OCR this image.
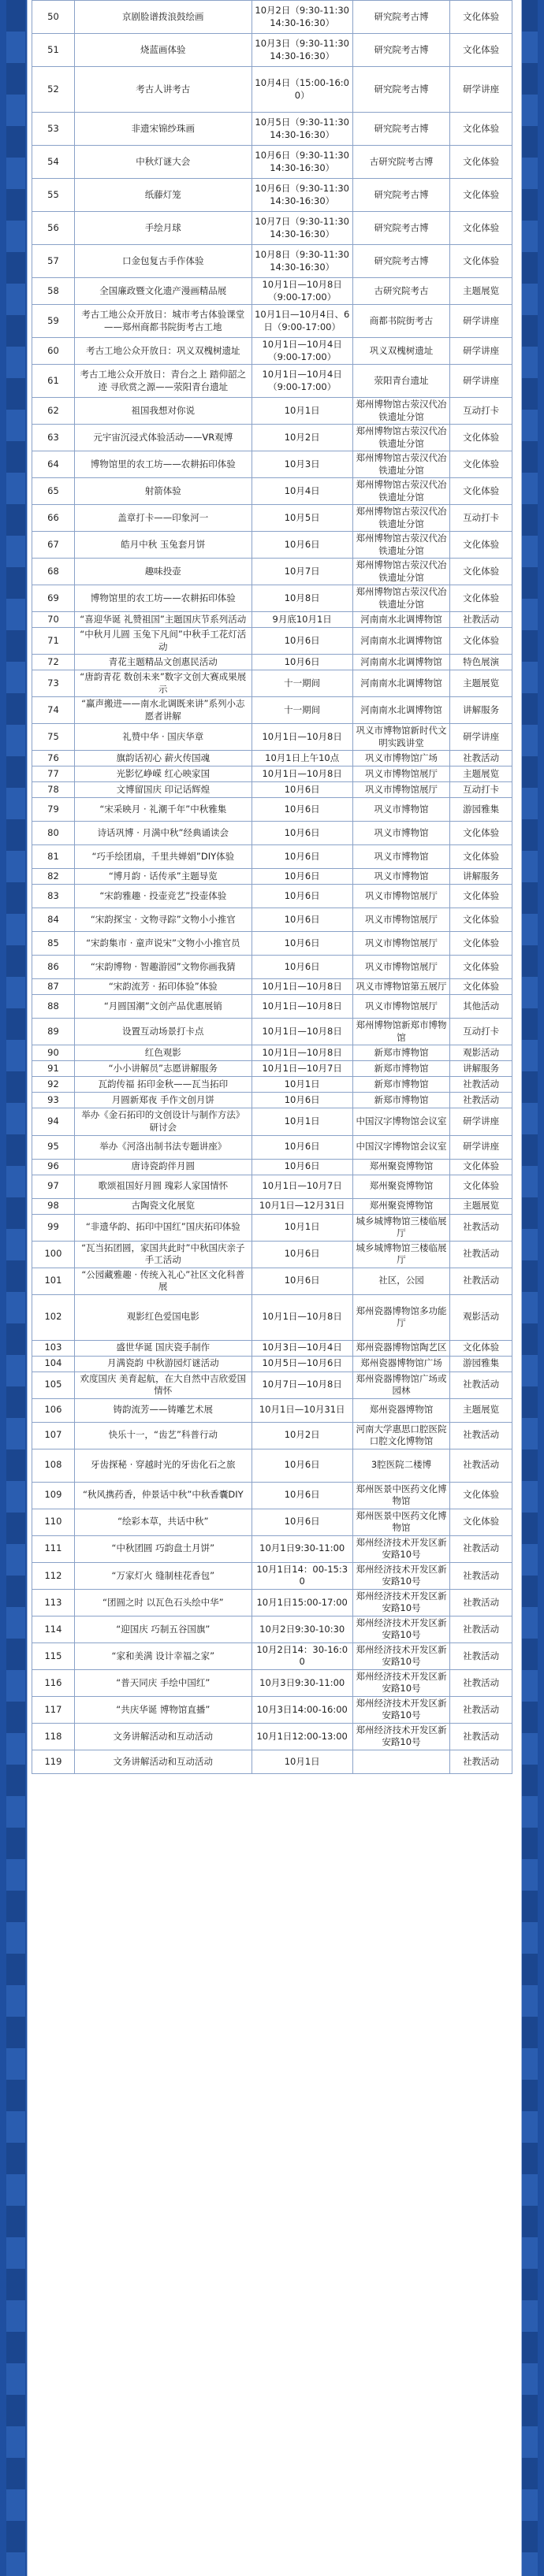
50	京剧脸谱拨浪鼓绘画	10月2日（9:30-11:30 14:30-16:30）	研究院考古博	文化体验
51	烧蓝画体验	10月3日（9:30-11:30 14:30-16:30）	研究院考古博	文化体验
52	考古人讲考古	10月4日（15:00-16:00）	研究院考古博	研学讲座
53	非遗宋锦纱珠画	10月5日（9:30-11:30 14:30-16:30）	研究院考古博	文化体验
54	中秋灯谜大会	10月6日（9:30-11:30 14:30-16:30）	古研究院考古博	文化体验
55	纸藤灯笼	10月6日（9:30-11:30 14:30-16:30）	研究院考古博	文化体验
56	手绘月球	10月7日（9:30-11:30 14:30-16:30）	研究院考古博	文化体验
57	口金包复古手作体验	10月8日（9:30-11:30 14:30-16:30）	研究院考古博	文化体验
58	全国廉政暨文化遗产漫画精品展	10月1日—10月8日（9:00-17:00）	古研究院考古	主题展览
59	考古工地公众开放日：城市考古体验课堂——郑州商都书院街考古工地	10月1日—10月4日、6日（9:00-17:00）	商都书院街考古	研学讲座
60	考古工地公众开放日：巩义双槐树遗址	10月1日—10月4日（9:00-17:00）	巩义双槐树遗址	研学讲座
61	考古工地公众开放日：青台之上 踏仰韶之迹 寻欣赏之源——荥阳青台遗址	10月1日—10月4日（9:00-17:00）	荥阳青台遗址	研学讲座
62	祖国我想对你说	10月1日	郑州博物馆古荥汉代冶铁遗址分馆	互动打卡
63	元宇宙沉浸式体验活动——VR观博	10月2日	郑州博物馆古荥汉代冶铁遗址分馆	文化体验
64	博物馆里的农工坊——农耕拓印体验	10月3日	郑州博物馆古荥汉代冶铁遗址分馆	文化体验
65	射箭体验	10月4日	郑州博物馆古荥汉代冶铁遗址分馆	文化体验
66	盖章打卡——印象河一	10月5日	郑州博物馆古荥汉代冶铁遗址分馆	互动打卡
67	皓月中秋 玉兔套月饼	10月6日	郑州博物馆古荥汉代冶铁遗址分馆	文化体验
68	趣味投壶	10月7日	郑州博物馆古荥汉代冶铁遗址分馆	文化体验
69	博物馆里的农工坊——农耕拓印体验	10月8日	郑州博物馆古荥汉代冶铁遗址分馆	文化体验
70	“喜迎华诞 礼赞祖国”主题国庆节系列活动	9月底10月1日	河南南水北调博物馆	社教活动
71	“中秋月儿圆 玉兔下凡间”中秋手工花灯活动	10月6日	河南南水北调博物馆	文化体验
72	青花主题精品文创惠民活动	10月6日	河南南水北调博物馆	特色展演
73	“唐韵青花 数创未来”数字文创大赛成果展示	十一期间	河南南水北调博物馆	主题展览
74	“赢声搬进——南水北调既来讲”系列小志愿者讲解	十一期间	河南南水北调博物馆	讲解服务
75	礼赞中华 · 国庆华章	10月1日—10月8日	巩义市博物馆新时代文明实践讲堂	研学讲座
76	旗韵话初心 薪火传国魂	10月1日上午10点	巩义市博物馆广场	社教活动
77	光影忆峥嵘 红心映家国	10月1日—10月8日	巩义市博物馆展厅	主题展览
78	文博留国庆 印记话辉煌	10月6日	巩义市博物馆展厅	互动打卡
79	“宋采映月 · 礼潮千年”中秋雅集	10月6日	巩义市博物馆	游园雅集
80	诗话巩博 · 月满中秋”经典诵读会	10月6日	巩义市博物馆	文化体验
81	“巧手绘团扇，千里共婵娟”DIY体验	10月6日	巩义市博物馆	文化体验
82	“博月韵 · 话传承”主题导览	10月6日	巩义市博物馆	讲解服务
83	“宋韵雅趣 · 投壶竞艺”投壶体验	10月6日	巩义市博物馆展厅	文化体验
84	“宋韵探宝 · 文物寻踪”文物小小推官	10月6日	巩义市博物馆展厅	文化体验
85	“宋韵集市 · 童声说宋”文物小小推官员	10月6日	巩义市博物馆展厅	文化体验
86	“宋韵博物 · 智趣游园”文物你画我猜	10月6日	巩义市博物馆展厅	文化体验
87	“宋韵流芳 · 拓印体验”体验	10月1日—10月8日	巩义市博物馆第五展厅	文化体验
88	“月圆国潮”文创产品优惠展销	10月1日—10月8日	巩义市博物馆展厅	其他活动
89	设置互动场景打卡点	10月1日—10月8日	郑州博物馆新郑市博物馆	互动打卡
90	红色观影	10月1日—10月8日	新郑市博物馆	观影活动
91	“小小讲解员”志愿讲解服务	10月1日—10月7日	新郑市博物馆	讲解服务
92	瓦韵传福 拓印金秋——瓦当拓印	10月1日	新郑市博物馆	社教活动
93	月圆新郑夜 手作文创月饼	10月6日	新郑市博物馆	社教活动
94	举办《金石拓印的文创设计与制作方法》研讨会	10月1日	中国汉字博物馆会议室	研学讲座
95	举办《河洛出制书法专题讲座》	10月6日	中国汉字博物馆会议室	研学讲座
96	唐诗瓷韵伴月圆	10月6日	郑州聚瓷博物馆	文化体验
97	歌颂祖国好月圆 瑰彩人家国情怀	10月1日—10月7日	郑州聚瓷博物馆	文化体验
98	古陶瓷文化展览	10月1日—12月31日	郑州聚瓷博物馆	主题展览
99	“非遗华韵、拓印中国红”国庆拓印体验	10月1日	城乡城博物馆三楼临展厅	社教活动
100	“瓦当拓团圆，家国共此时”中秋国庆亲子手工活动	10月6日	城乡城博物馆三楼临展厅	社教活动
101	“公园藏雅趣 · 传统入礼心”社区文化科普展	10月6日	社区，公园	社教活动
102	观影红色爱国电影	10月1日—10月8日	郑州瓷器博物馆多功能厅	观影活动
103	盛世华诞 国庆瓷手制作	10月3日—10月4日	郑州瓷器博物馆陶艺区	文化体验
104	月满瓷韵 中秋游园灯谜活动	10月5日—10月6日	郑州瓷器博物馆广场	游园雅集
105	欢度国庆 美育起航，在大自然中吉欣爱国情怀	10月7日—10月8日	郑州瓷器博物馆广场或园林	社教活动
106	铸韵流芳——铸雕艺术展	10月1日—10月31日	郑州瓷器博物馆	主题展览
107	快乐十一，“齿艺”科普行动	10月2日	河南大学惠思口腔医院口腔文化博物馆	社教活动
108	牙齿探秘 · 穿越时光的牙齿化石之旅	10月6日	3腔医院二楼博	社教活动
109	“秋风携药香，仲景话中秋”中秋香囊DIY	10月6日	郑州医景中医药文化博物馆	文化体验
110	“绘彩本草，共话中秋”	10月6日	郑州医景中医药文化博物馆	文化体验
111	“中秋团圆 巧韵盘土月饼”	10月1日9:30-11:00	郑州经济技术开发区新安路10号	社教活动
112	“万家灯火 缝制桂花香包”	10月1日14：00-15:30	郑州经济技术开发区新安路10号	社教活动
113	“团圆之时 以瓦色石头绘中华”	10月1日15:00-17:00	郑州经济技术开发区新安路10号	社教活动
114	“迎国庆 巧制五谷国旗”	10月2日9:30-10:30	郑州经济技术开发区新安路10号	社教活动
115	“家和美满 设计幸福之家”	10月2日14：30-16:00	郑州经济技术开发区新安路10号	社教活动
116	“普天同庆 手绘中国红”	10月3日9:30-11:00	郑州经济技术开发区新安路10号	社教活动
117	“共庆华诞 博物馆直播”	10月3日14:00-16:00	郑州经济技术开发区新安路10号	社教活动
118	文务讲解活动和互动活动	10月1日12:00-13:00	郑州经济技术开发区新安路10号	社教活动
119	文务讲解活动和互动活动	10月1日		社教活动
